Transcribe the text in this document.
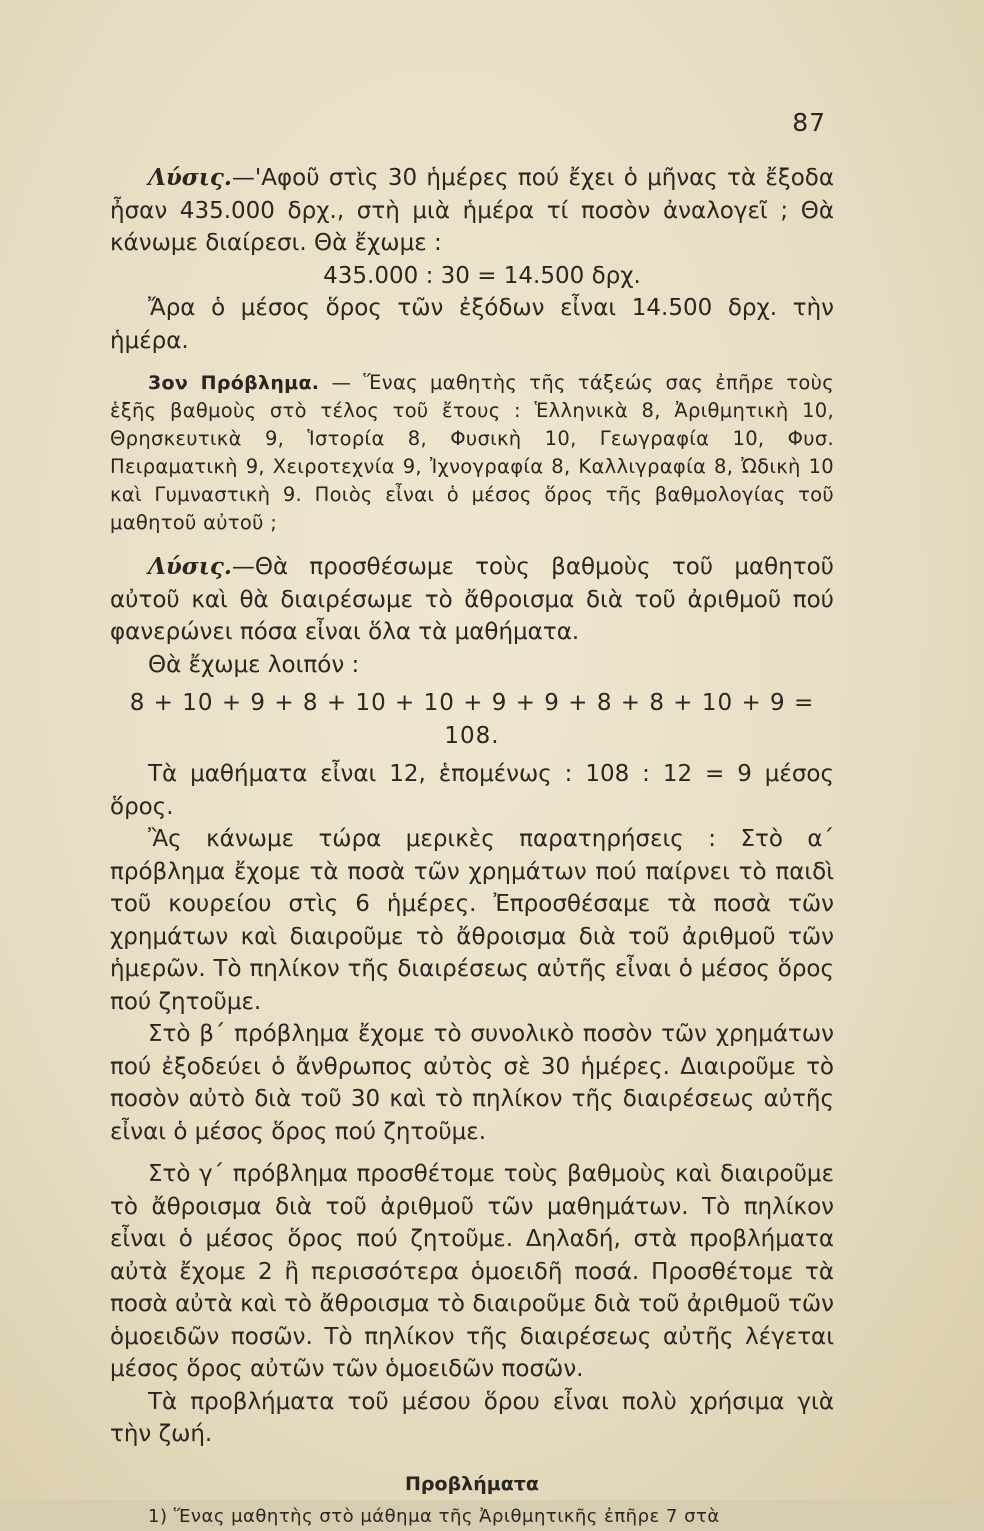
87

Λύσις.—'Αφοῦ στὶς 30 ἡμέρες πού ἔχει ὁ μῆνας τὰ ἔξοδα ἦσαν 435.000 δρχ., στὴ μιὰ ἡμέρα τί ποσὸν ἀναλογεῖ ; Θὰ κάνωμε διαίρεσι. Θὰ ἔχωμε :

435.000 : 30 = 14.500 δρχ.

Ἄρα ὁ μέσος ὅρος τῶν ἐξόδων εἶναι 14.500 δρχ. τὴν ἡμέρα.

3ον Πρόβλημα. — Ἕνας μαθητὴς τῆς τάξεώς σας ἐπῆρε τοὺς ἑξῆς βαθμοὺς στὸ τέλος τοῦ ἔτους : Ἑλληνικὰ 8, Ἀριθμητικὴ 10, Θρησκευτικὰ 9, Ἱστορία 8, Φυσικὴ 10, Γεωγραφία 10, Φυσ. Πειραματικὴ 9, Χειροτεχνία 9, Ἰχνογραφία 8, Καλλιγραφία 8, Ὠδικὴ 10 καὶ Γυμναστικὴ 9. Ποιὸς εἶναι ὁ μέσος ὅρος τῆς βαθμολογίας τοῦ μαθητοῦ αὐτοῦ ;

Λύσις.—Θὰ προσθέσωμε τοὺς βαθμοὺς τοῦ μαθητοῦ αὐτοῦ καὶ θὰ διαιρέσωμε τὸ ἄθροισμα διὰ τοῦ ἀριθμοῦ πού φανερώνει πόσα εἶναι ὅλα τὰ μαθήματα.

Θὰ ἔχωμε λοιπόν :

8 + 10 + 9 + 8 + 10 + 10 + 9 + 9 + 8 + 8 + 10 + 9 = 108.

Τὰ μαθήματα εἶναι 12, ἑπομένως : 108 : 12 = 9 μέσος ὅρος.

Ἂς κάνωμε τώρα μερικὲς παρατηρήσεις : Στὸ α΄ πρόβλημα ἔχομε τὰ ποσὰ τῶν χρημάτων πού παίρνει τὸ παιδὶ τοῦ κουρείου στὶς 6 ἡμέρες. Ἐπροσθέσαμε τὰ ποσὰ τῶν χρημάτων καὶ διαιροῦμε τὸ ἄθροισμα διὰ τοῦ ἀριθμοῦ τῶν ἡμερῶν. Τὸ πηλίκον τῆς διαιρέσεως αὐτῆς εἶναι ὁ μέσος ὅρος πού ζητοῦμε.

Στὸ β΄ πρόβλημα ἔχομε τὸ συνολικὸ ποσὸν τῶν χρημάτων πού ἐξοδεύει ὁ ἄνθρωπος αὐτὸς σὲ 30 ἡμέρες. Διαιροῦμε τὸ ποσὸν αὐτὸ διὰ τοῦ 30 καὶ τὸ πηλίκον τῆς διαιρέσεως αὐτῆς εἶναι ὁ μέσος ὅρος πού ζητοῦμε.

Στὸ γ΄ πρόβλημα προσθέτομε τοὺς βαθμοὺς καὶ διαιροῦμε τὸ ἄθροισμα διὰ τοῦ ἀριθμοῦ τῶν μαθημάτων. Τὸ πηλίκον εἶναι ὁ μέσος ὅρος πού ζητοῦμε. Δηλαδή, στὰ προβλήματα αὐτὰ ἔχομε 2 ἢ περισσότερα ὁμοειδῆ ποσά. Προσθέτομε τὰ ποσὰ αὐτὰ καὶ τὸ ἄθροισμα τὸ διαιροῦμε διὰ τοῦ ἀριθμοῦ τῶν ὁμοειδῶν ποσῶν. Τὸ πηλίκον τῆς διαιρέσεως αὐτῆς λέγεται μέσος ὅρος αὐτῶν τῶν ὁμοειδῶν ποσῶν.

Τὰ προβλήματα τοῦ μέσου ὅρου εἶναι πολὺ χρήσιμα γιὰ τὴν ζωή.

Προβλήματα

1) Ἕνας μαθητὴς στὸ μάθημα τῆς Ἀριθμητικῆς ἐπῆρε 7 στὰ
